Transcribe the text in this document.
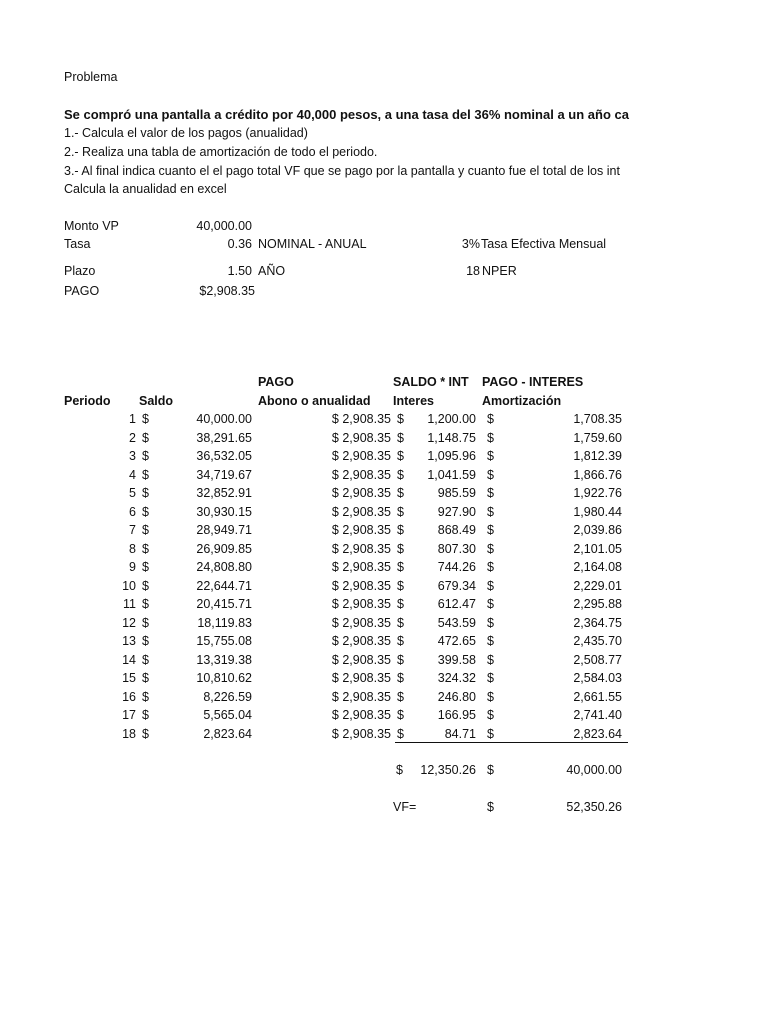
Problema
Se compró una pantalla a crédito por 40,000 pesos, a una tasa del 36% nominal a un año ca
1.- Calcula el valor de los pagos (anualidad)
2.- Realiza una tabla de amortización de todo el periodo.
3.- Al final indica cuanto el el pago total VF que se pago por la pantalla y cuanto fue el total de los int
Calcula la anualidad en excel
Monto VP	40,000.00
Tasa	0.36 NOMINAL - ANUAL	3% Tasa Efectiva Mensual
Plazo	1.50 AÑO	18 NPER
PAGO	$2,908.35
PAGO	SALDO * INT PAGO - INTERES
Periodo Saldo	Abono o anualidad Interes	Amortización
1 $	40,000.00	$ 2,908.35 $	1,200.00 $	1,708.35
2 $	38,291.65	$ 2,908.35 $	1,148.75 $	1,759.60
3 $	36,532.05	$ 2,908.35 $	1,095.96 $	1,812.39
4 $	34,719.67	$ 2,908.35 $	1,041.59 $	1,866.76
5 $	32,852.91	$ 2,908.35 $	985.59 $	1,922.76
6 $	30,930.15	$ 2,908.35 $	927.90 $	1,980.44
7 $	28,949.71	$ 2,908.35 $	868.49 $	2,039.86
8 $	26,909.85	$ 2,908.35 $	807.30 $	2,101.05
9 $	24,808.80	$ 2,908.35 $	744.26 $	2,164.08
10 $	22,644.71	$ 2,908.35 $	679.34 $	2,229.01
11 $	20,415.71	$ 2,908.35 $	612.47 $	2,295.88
12 $	18,119.83	$ 2,908.35 $	543.59 $	2,364.75
13 $	15,755.08	$ 2,908.35 $	472.65 $	2,435.70
14 $	13,319.38	$ 2,908.35 $	399.58 $	2,508.77
15 $	10,810.62	$ 2,908.35 $	324.32 $	2,584.03
16 $	8,226.59	$ 2,908.35 $	246.80 $	2,661.55
17 $	5,565.04	$ 2,908.35 $	166.95 $	2,741.40
18 $	2,823.64	$ 2,908.35 $	84.71 $	2,823.64
$	12,350.26 $	40,000.00
VF=	$	52,350.26
